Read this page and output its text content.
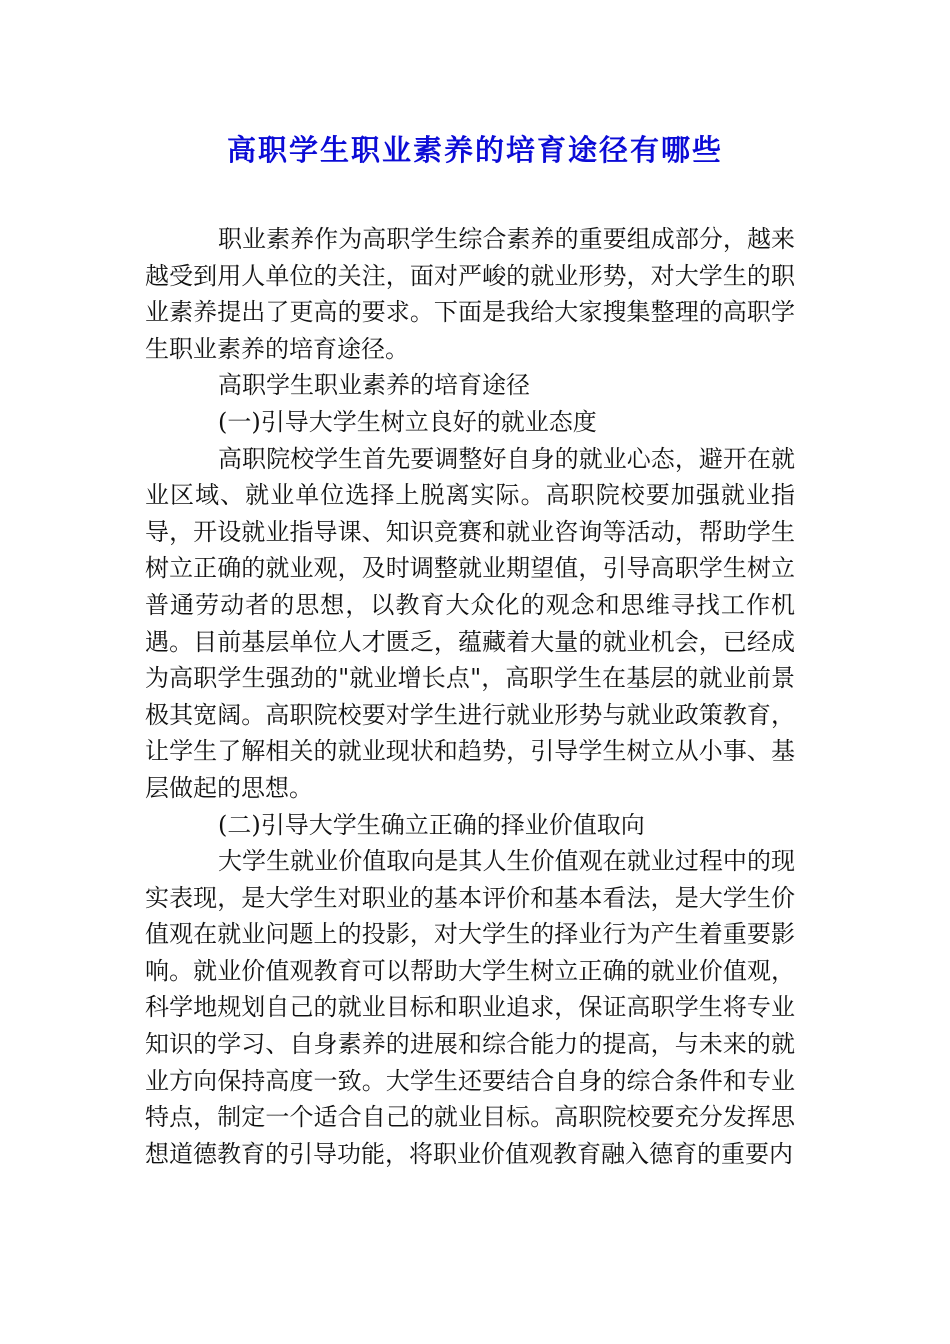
高职学生职业素养的培育途径有哪些

职业素养作为高职学生综合素养的重要组成部分，越来越受到用人单位的关注，面对严峻的就业形势，对大学生的职业素养提出了更高的要求。下面是我给大家搜集整理的高职学生职业素养的培育途径。

高职学生职业素养的培育途径

(一)引导大学生树立良好的就业态度

高职院校学生首先要调整好自身的就业心态，避开在就业区域、就业单位选择上脱离实际。高职院校要加强就业指导，开设就业指导课、知识竞赛和就业咨询等活动，帮助学生树立正确的就业观，及时调整就业期望值，引导高职学生树立普通劳动者的思想，以教育大众化的观念和思维寻找工作机遇。目前基层单位人才匮乏，蕴藏着大量的就业机会，已经成为高职学生强劲的"就业增长点"，高职学生在基层的就业前景极其宽阔。高职院校要对学生进行就业形势与就业政策教育，让学生了解相关的就业现状和趋势，引导学生树立从小事、基层做起的思想。

(二)引导大学生确立正确的择业价值取向

大学生就业价值取向是其人生价值观在就业过程中的现实表现，是大学生对职业的基本评价和基本看法，是大学生价值观在就业问题上的投影，对大学生的择业行为产生着重要影响。就业价值观教育可以帮助大学生树立正确的就业价值观，科学地规划自己的就业目标和职业追求，保证高职学生将专业知识的学习、自身素养的进展和综合能力的提高，与未来的就业方向保持高度一致。大学生还要结合自身的综合条件和专业特点，制定一个适合自己的就业目标。高职院校要充分发挥思想道德教育的引导功能，将职业价值观教育融入德育的重要内
